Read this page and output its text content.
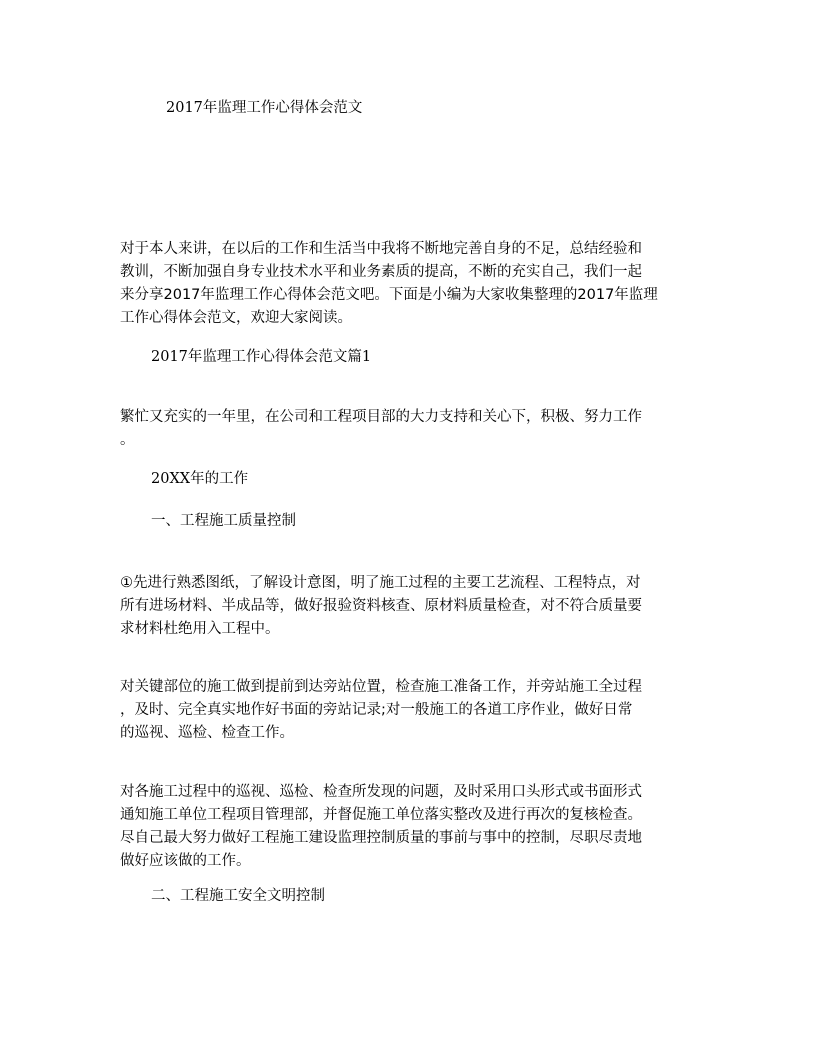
2017年监理工作心得体会范文
对于本人来讲，在以后的工作和生活当中我将不断地完善自身的不足，总结经验和
教训，不断加强自身专业技术水平和业务素质的提高，不断的充实自己，我们一起
来分享2017年监理工作心得体会范文吧。下面是小编为大家收集整理的2017年监理
工作心得体会范文，欢迎大家阅读。
2017年监理工作心得体会范文篇1
繁忙又充实的一年里，在公司和工程项目部的大力支持和关心下，积极、努力工作
。
20XX年的工作
一、工程施工质量控制
①先进行熟悉图纸，了解设计意图，明了施工过程的主要工艺流程、工程特点，对
所有进场材料、半成品等，做好报验资料核查、原材料质量检查，对不符合质量要
求材料杜绝用入工程中。
对关键部位的施工做到提前到达旁站位置，检查施工准备工作，并旁站施工全过程
，及时、完全真实地作好书面的旁站记录;对一般施工的各道工序作业，做好日常
的巡视、巡检、检查工作。
对各施工过程中的巡视、巡检、检查所发现的问题，及时采用口头形式或书面形式
通知施工单位工程项目管理部，并督促施工单位落实整改及进行再次的复核检查。
尽自己最大努力做好工程施工建设监理控制质量的事前与事中的控制，尽职尽责地
做好应该做的工作。
二、工程施工安全文明控制
